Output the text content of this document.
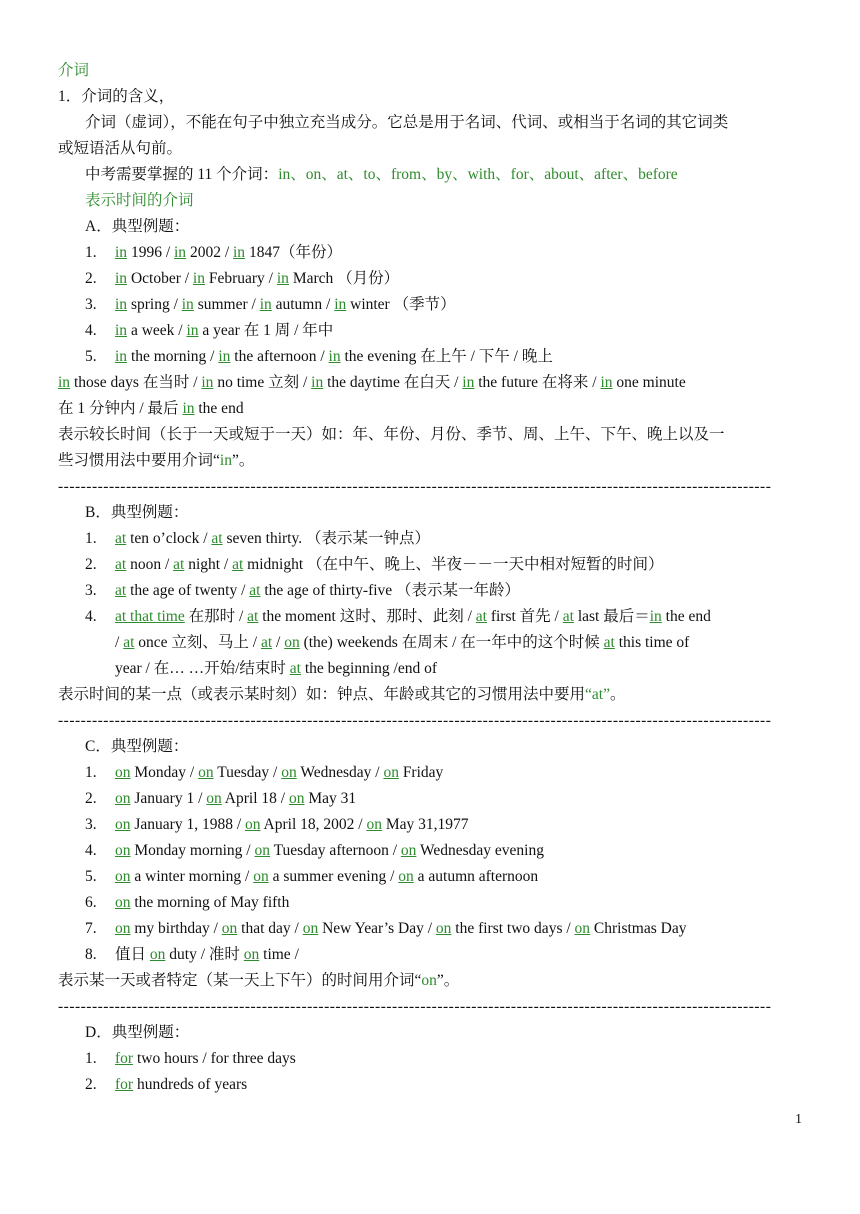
介词
1．介词的含义，
介词（虚词），不能在句子中独立充当成分。它总是用于名词、代词、或相当于名词的其它词类
或短语活从句前。
中考需要掌握的 11 个介词：in、on、at、to、from、by、with、for、about、after、before
表示时间的介词
A．典型例题：
1. in 1996 / in 2002 / in 1847（年份）
2. in October / in February / in March （月份）
3. in spring / in summer / in autumn / in winter （季节）
4. in a week / in a year 在 1 周 / 年中
5. in the morning / in the afternoon / in the evening 在上午 / 下午 / 晚上
in those days 在当时 / in no time 立刻 / in the daytime 在白天 / in the future 在将来 / in one minute
在 1 分钟内 / 最后 in the end
表示较长时间（长于一天或短于一天）如：年、年份、月份、季节、周、上午、下午、晚上以及一
些习惯用法中要用介词“in”。
------------------------------------------------------------------------------------------------------------------------------
B．典型例题：
1. at ten o’clock / at seven thirty. （表示某一钟点）
2. at noon / at night / at midnight （在中午、晚上、半夜－－一天中相对短暂的时间）
3. at the age of twenty / at the age of thirty-five （表示某一年龄）
4. at that time 在那时 / at the moment 这时、那时、此刻 / at first 首先 / at last 最后＝in the end
/ at once 立刻、马上 / at / on (the) weekends 在周末 / 在一年中的这个时候 at this time of
year / 在… …开始/结束时 at the beginning /end of
表示时间的某一点（或表示某时刻）如：钟点、年龄或其它的习惯用法中要用“at”。
------------------------------------------------------------------------------------------------------------------------------
C．典型例题：
1. on Monday / on Tuesday / on Wednesday / on Friday
2. on January 1 / on April 18 / on May 31
3. on January 1, 1988 / on April 18, 2002 / on May 31,1977
4. on Monday morning / on Tuesday afternoon / on Wednesday evening
5. on a winter morning / on a summer evening / on a autumn afternoon
6. on the morning of May fifth
7. on my birthday / on that day / on New Year’s Day / on the first two days / on Christmas Day
8. 值日 on duty / 准时 on time /
表示某一天或者特定（某一天上下午）的时间用介词“on”。
------------------------------------------------------------------------------------------------------------------------------
D．典型例题：
1. for two hours / for three days
2. for hundreds of years
1
